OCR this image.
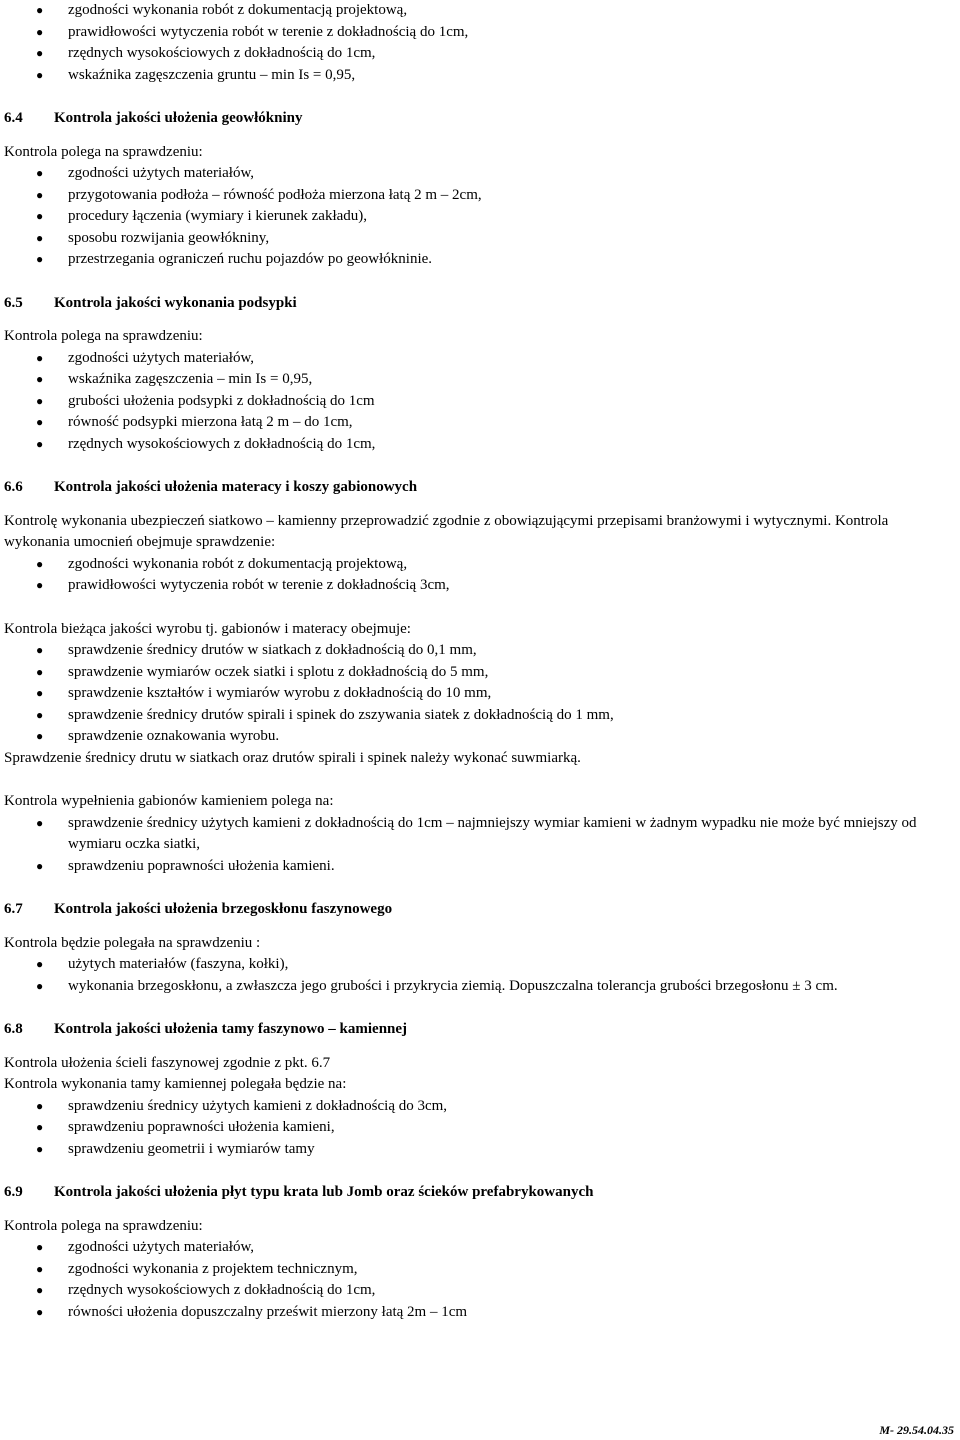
● zgodności wykonania robót z dokumentacją projektową,
● prawidłowości wytyczenia robót w terenie z dokładnością do 1cm,
● rzędnych wysokościowych z dokładnością do 1cm,
● wskaźnika zagęszczenia gruntu – min Is = 0,95,
6.4 Kontrola jakości ułożenia geowłókniny
Kontrola polega na sprawdzeniu:
● zgodności użytych materiałów,
● przygotowania podłoża – równość podłoża mierzona łatą 2 m – 2cm,
● procedury łączenia (wymiary i kierunek zakładu),
● sposobu rozwijania geowłókniny,
● przestrzegania ograniczeń ruchu pojazdów po geowłókninie.
6.5 Kontrola jakości wykonania podsypki
Kontrola polega na sprawdzeniu:
● zgodności użytych materiałów,
● wskaźnika zagęszczenia – min Is = 0,95,
● grubości ułożenia podsypki z dokładnością do 1cm
● równość podsypki mierzona łatą 2 m – do 1cm,
● rzędnych wysokościowych z dokładnością do 1cm,
6.6 Kontrola jakości ułożenia materacy i koszy gabionowych
Kontrolę wykonania ubezpieczeń siatkowo – kamienny przeprowadzić zgodnie z obowiązującymi przepisami branżowymi i wytycznymi. Kontrola wykonania umocnień obejmuje sprawdzenie:
● zgodności wykonania robót z dokumentacją projektową,
● prawidłowości wytyczenia robót w terenie z dokładnością 3cm,
Kontrola bieżąca jakości wyrobu tj. gabionów i materacy obejmuje:
● sprawdzenie średnicy drutów w siatkach z dokładnością do 0,1 mm,
● sprawdzenie wymiarów oczek siatki i splotu z dokładnością do 5 mm,
● sprawdzenie kształtów i wymiarów wyrobu z dokładnością do 10 mm,
● sprawdzenie średnicy drutów spirali i spinek do zszywania siatek z dokładnością do 1 mm,
● sprawdzenie oznakowania wyrobu.
Sprawdzenie średnicy drutu w siatkach oraz drutów spirali i spinek należy wykonać suwmiarką.
Kontrola wypełnienia gabionów kamieniem polega na:
● sprawdzenie średnicy użytych kamieni z dokładnością do 1cm – najmniejszy wymiar kamieni w żadnym wypadku nie może być mniejszy od wymiaru oczka siatki,
● sprawdzeniu poprawności ułożenia kamieni.
6.7 Kontrola jakości ułożenia brzegoskłonu faszynowego
Kontrola będzie polegała na sprawdzeniu :
● użytych materiałów (faszyna, kołki),
● wykonania brzegoskłonu, a zwłaszcza jego grubości i przykrycia ziemią. Dopuszczalna tolerancja grubości brzegosłonu ± 3 cm.
6.8 Kontrola jakości ułożenia tamy faszynowo – kamiennej
Kontrola ułożenia ścieli faszynowej zgodnie z pkt. 6.7
Kontrola wykonania tamy kamiennej polegała będzie na:
● sprawdzeniu średnicy użytych kamieni z dokładnością do 3cm,
● sprawdzeniu poprawności ułożenia kamieni,
● sprawdzeniu geometrii i wymiarów tamy
6.9 Kontrola jakości ułożenia płyt typu krata lub Jomb oraz ścieków prefabrykowanych
Kontrola polega na sprawdzeniu:
● zgodności użytych materiałów,
● zgodności wykonania z projektem technicznym,
● rzędnych wysokościowych z dokładnością do 1cm,
● równości ułożenia dopuszczalny prześwit mierzony łatą 2m – 1cm
M- 29.54.04.35
